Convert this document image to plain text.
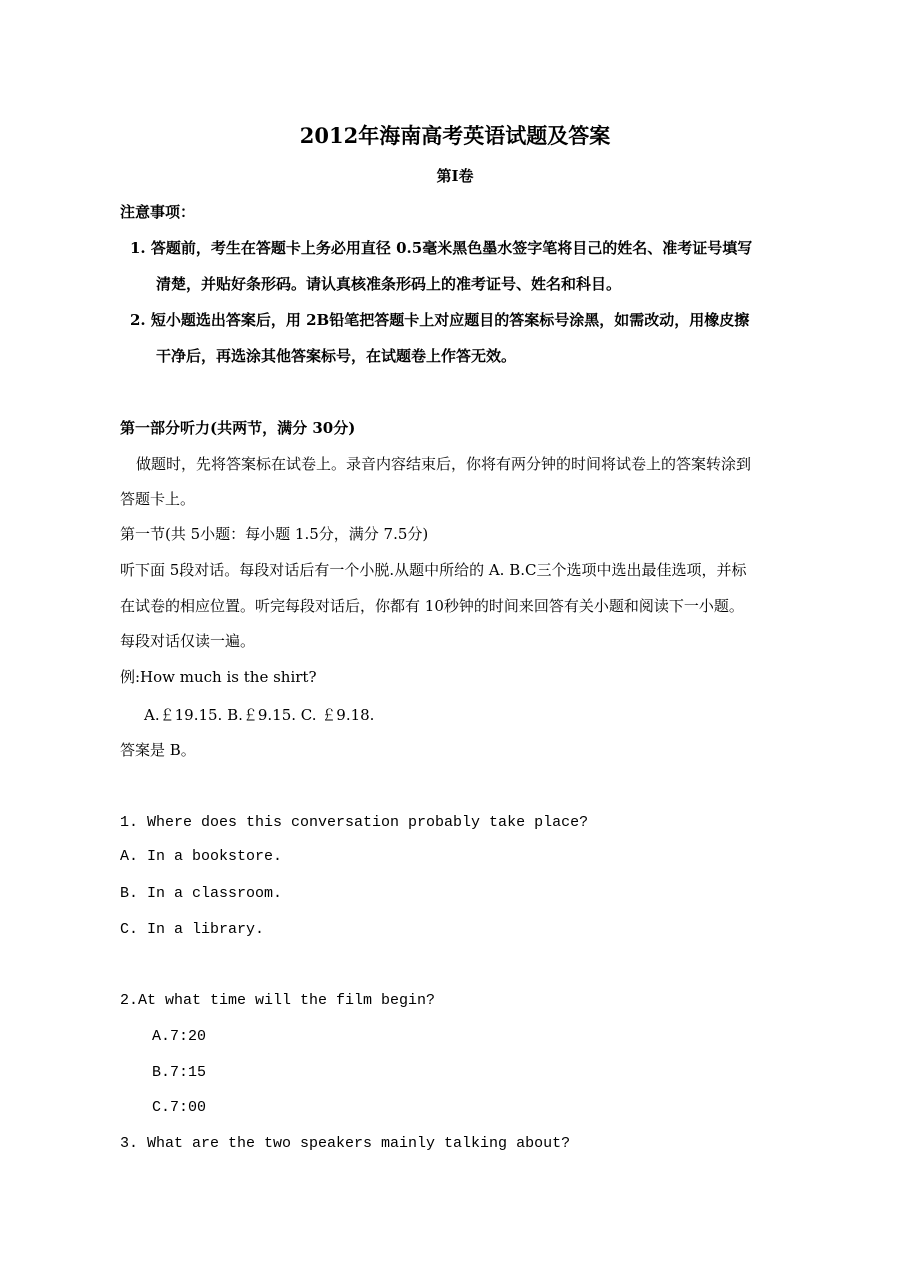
2012年海南高考英语试题及答案
第Ⅰ卷
注意事项：
1. 答题前，考生在答题卡上务必用直径 0.5毫米黑色墨水签字笔将目己的姓名、准考证号填写
清楚，并贴好条形码。请认真核准条形码上的准考证号、姓名和科目。
2. 短小题选出答案后，用 2B铅笔把答题卡上对应题目的答案标号涂黑，如需改动，用橡皮擦
干净后，再选涂其他答案标号，在试题卷上作答无效。
第一部分听力(共两节，满分 30分)
做题时，先将答案标在试卷上。录音内容结束后，你将有两分钟的时间将试卷上的答案转涂到
答题卡上。
第一节(共 5小题：每小题 1.5分，满分 7.5分)
听下面 5段对话。每段对话后有一个小脱.从题中所给的 A. B.C三个选项中选出最佳选项，并标
在试卷的相应位置。听完每段对话后，你都有 10秒钟的时间来回答有关小题和阅读下一小题。
每段对话仅读一遍。
例:How much is the shirt?
A.￡19.15. B.￡9.15. C. ￡9.18.
答案是 B。
1. Where does this conversation probably take place?
A. In a bookstore.
B. In a classroom.
C. In a library.
2.At what time will the film begin?
A.7:20
B.7:15
C.7:00
3. What are the two speakers mainly talking about?
